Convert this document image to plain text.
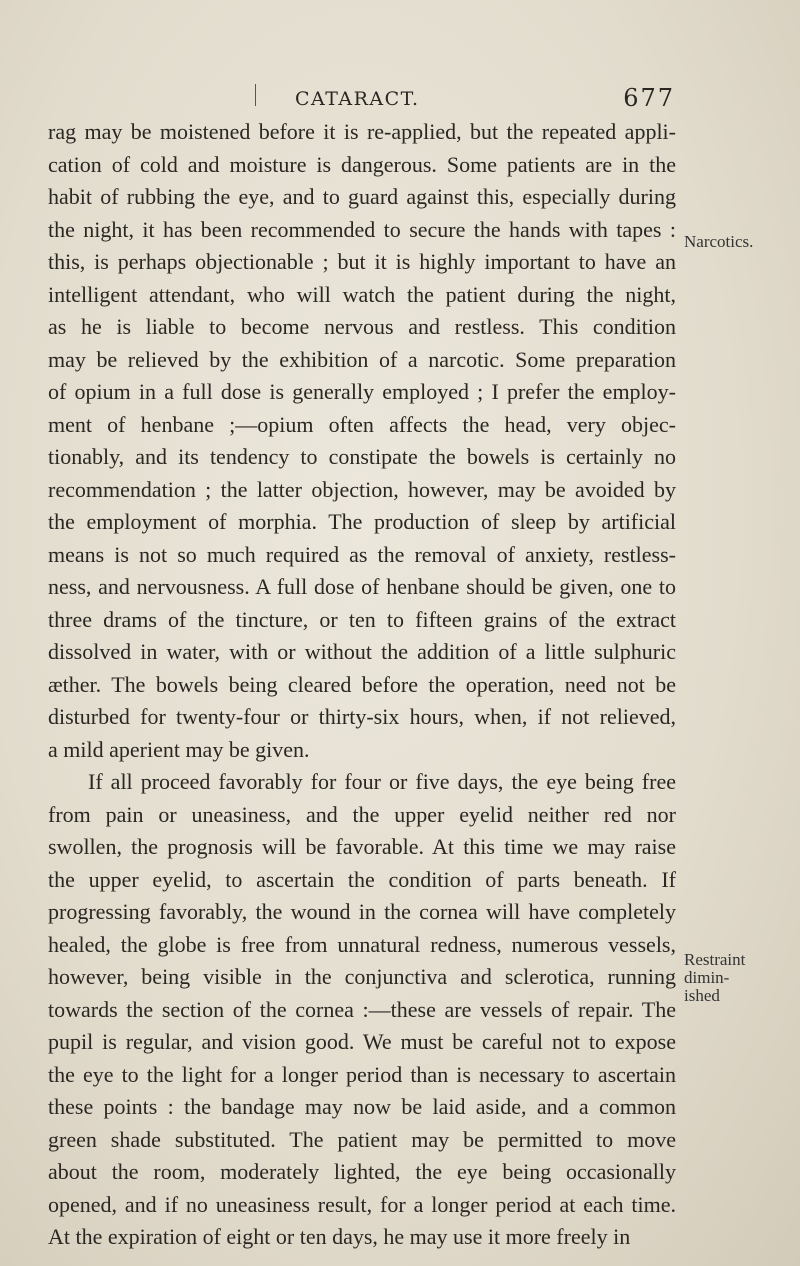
CATARACT.	677
rag may be moistened before it is re-applied, but the repeated appli-
cation of cold and moisture is dangerous. Some patients are in the
habit of rubbing the eye, and to guard against this, especially during
the night, it has been recommended to secure the hands with tapes :
this, is perhaps objectionable ; but it is highly important to have an
intelligent attendant, who will watch the patient during the night,
as he is liable to become nervous and restless. This condition
may be relieved by the exhibition of a narcotic. Some preparation
of opium in a full dose is generally employed ; I prefer the employ-
ment of henbane ;—opium often affects the head, very objec-
tionably, and its tendency to constipate the bowels is certainly no
recommendation ; the latter objection, however, may be avoided by
the employment of morphia. The production of sleep by artificial
means is not so much required as the removal of anxiety, restless-
ness, and nervousness. A full dose of henbane should be given, one to
three drams of the tincture, or ten to fifteen grains of the extract
dissolved in water, with or without the addition of a little sulphuric
æther. The bowels being cleared before the operation, need not be
disturbed for twenty-four or thirty-six hours, when, if not relieved,
a mild aperient may be given.
If all proceed favorably for four or five days, the eye being free
from pain or uneasiness, and the upper eyelid neither red nor
swollen, the prognosis will be favorable. At this time we may raise
the upper eyelid, to ascertain the condition of parts beneath. If
progressing favorably, the wound in the cornea will have completely
healed, the globe is free from unnatural redness, numerous vessels,
however, being visible in the conjunctiva and sclerotica, running
towards the section of the cornea :—these are vessels of repair. The
pupil is regular, and vision good. We must be careful not to expose
the eye to the light for a longer period than is necessary to ascertain
these points : the bandage may now be laid aside, and a common
green shade substituted. The patient may be permitted to move
about the room, moderately lighted, the eye being occasionally
opened, and if no uneasiness result, for a longer period at each time.
At the expiration of eight or ten days, he may use it more freely in
Narcotics.
Restraint
dimin-
ished
